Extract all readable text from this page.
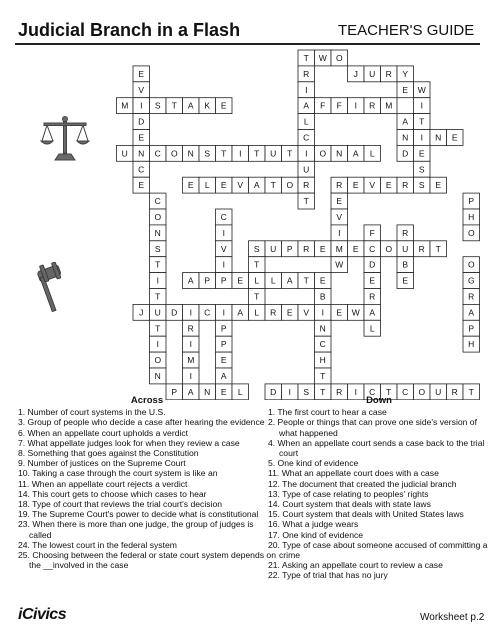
Judicial Branch in a Flash	TEACHER'S GUIDE
T W O
E	R	J U R Y
V	I	E W
M I S T A K E	A F F I R M	I
D	L	A T
E	C	N I N E
U N C O N S T I T U T I O N A L	D E
C	U	S
E	E L E V A T O R	R E V E R S E
C	T	E	P
O	C	V	H
N	I	I	F	R	O
S	V	S U P R E M E C O U R T
T	I	T	W	D	B	O
I	A P P E L L A T E	E	E	G
T	T	B	R	R
J U D I C I A L R E V I E W A	A
T	R	P	N	L	P
I	I	P	C	H
O	M	E	H
N	I	A	T
P A N E L	D I S T R I C T C O U R T
Across
1. Number of court systems in the U.S.
3. Group of people who decide a case after hearing the evidence
6. When an appellate court upholds a verdict
7. What appellate judges look for when they review a case
8. Something that goes against the Constitution
9. Number of justices on the Supreme Court
10. Taking a case through the court system is like an
11. When an appellate court rejects a verdict
14. This court gets to choose which cases to hear
18. Type of court that reviews the trial court's decision
19. The Supreme Court's power to decide what is constitutional
23. When there is more than one judge, the group of judges is called
24. The lowest court in the federal system
25. Choosing between the federal or state court system depends on the __involved in the case
Down
1. The first court to hear a case
2. People or things that can prove one side's version of what happened
4. When an appellate court sends a case back to the trial court
5. One kind of evidence
11. What an appellate court does with a case
12. The document that created the judicial branch
13. Type of case relating to peoples' rights
14. Court system that deals with state laws
15. Court system that deals with United States laws
16. What a judge wears
17. One kind of evidence
20. Type of case about someone accused of committing a crime
21. Asking an appellate court to review a case
22. Type of trial that has no jury
iCivics	Worksheet p.2
